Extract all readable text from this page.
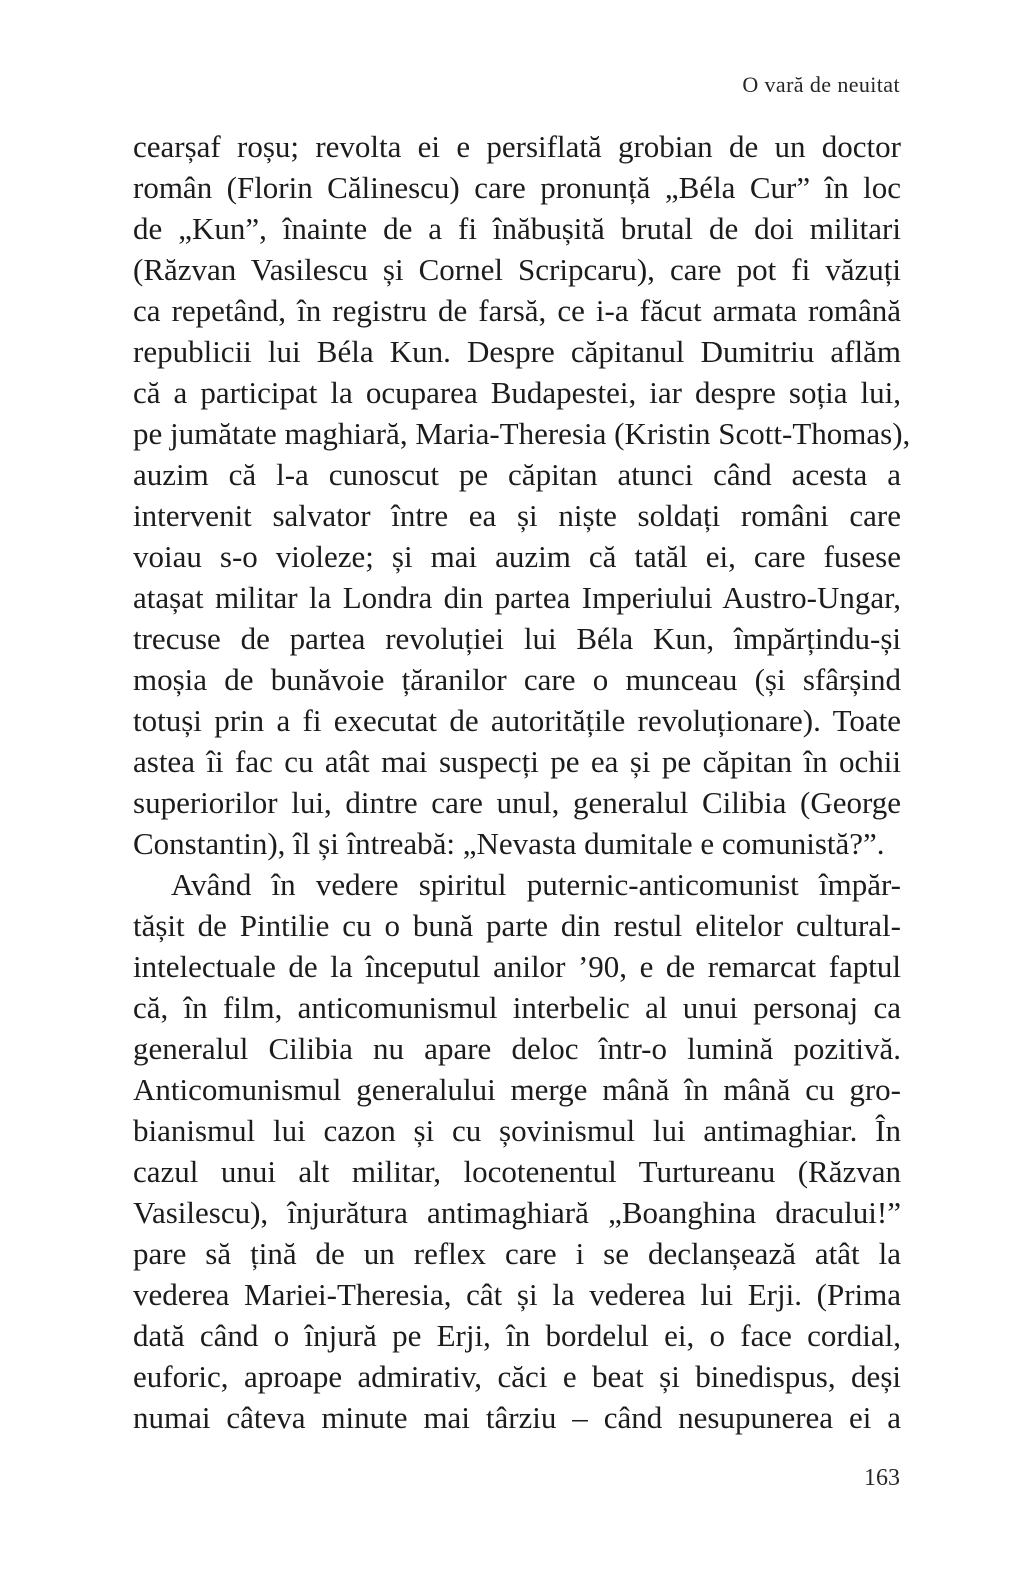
O vară de neuitat
cearșaf roșu; revolta ei e persiflată grobian de un doctor
român (Florin Călinescu) care pronunță „Béla Cur” în loc
de „Kun”, înainte de a fi înăbușită brutal de doi militari
(Răzvan Vasilescu și Cornel Scripcaru), care pot fi văzuți
ca repetând, în registru de farsă, ce i-a făcut armata română
republicii lui Béla Kun. Despre căpitanul Dumitriu aflăm
că a participat la ocuparea Budapestei, iar despre soția lui,
pe jumătate maghiară, Maria-Theresia (Kristin Scott-Thomas),
auzim că l-a cunoscut pe căpitan atunci când acesta a
intervenit salvator între ea și niște soldați români care
voiau s-o violeze; și mai auzim că tatăl ei, care fusese
atașat militar la Londra din partea Imperiului Austro-Ungar,
trecuse de partea revoluției lui Béla Kun, împărțindu-și
moșia de bunăvoie țăranilor care o munceau (și sfârșind
totuși prin a fi executat de autoritățile revoluționare). Toate
astea îi fac cu atât mai suspecți pe ea și pe căpitan în ochii
superiorilor lui, dintre care unul, generalul Cilibia (George
Constantin), îl și întreabă: „Nevasta dumitale e comunistă?”.
Având în vedere spiritul puternic-anticomunist împăr-
tășit de Pintilie cu o bună parte din restul elitelor cultural-
intelectuale de la începutul anilor ’90, e de remarcat faptul
că, în film, anticomunismul interbelic al unui personaj ca
generalul Cilibia nu apare deloc într-o lumină pozitivă.
Anticomunismul generalului merge mână în mână cu gro-
bianismul lui cazon și cu șovinismul lui antimaghiar. În
cazul unui alt militar, locotenentul Turtureanu (Răzvan
Vasilescu), înjurătura antimaghiară „Boanghina dracului!”
pare să țină de un reflex care i se declanșează atât la
vederea Mariei-Theresia, cât și la vederea lui Erji. (Prima
dată când o înjură pe Erji, în bordelul ei, o face cordial,
euforic, aproape admirativ, căci e beat și binedispus, deși
numai câteva minute mai târziu – când nesupunerea ei a
163
